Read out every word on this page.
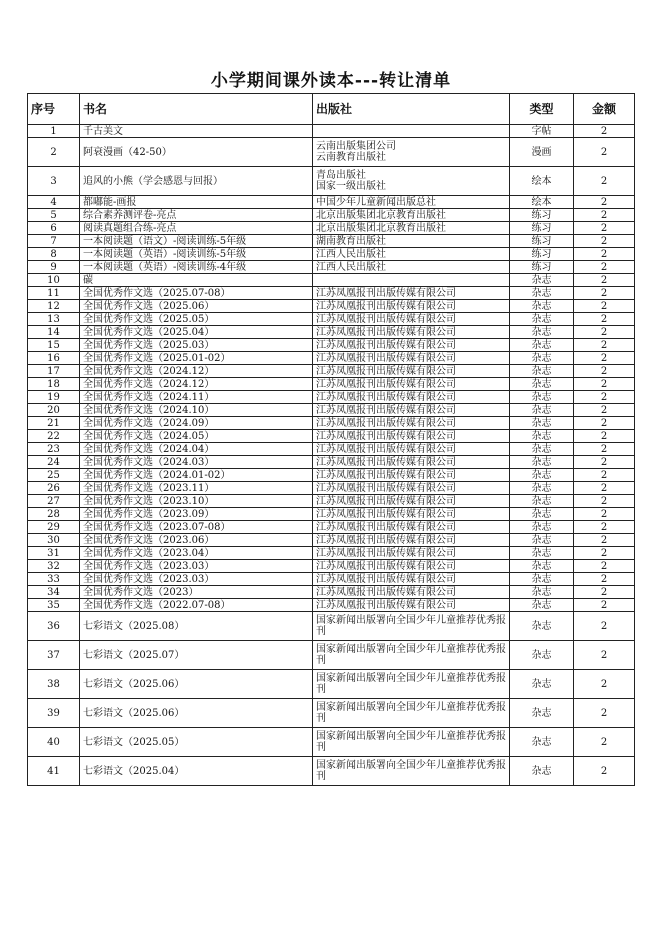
小学期间课外读本---转让清单
序号	书名	出版社	类型	金额
1	千古美文		字帖	2
2	阿衰漫画（42-50）	云南出版集团公司
云南教育出版社	漫画	2
3	追风的小熊（学会感恩与回报）	青岛出版社
国家一级出版社	绘本	2
4	都嘟能-画报	中国少年儿童新闻出版总社	绘本	2
5	综合素养测评卷-亮点	北京出版集团北京教育出版社	练习	2
6	阅读真题组合练-亮点	北京出版集团北京教育出版社	练习	2
7	一本阅读题（语文）-阅读训练-5年级	湖南教育出版社	练习	2
8	一本阅读题（英语）-阅读训练-5年级	江西人民出版社	练习	2
9	一本阅读题（英语）-阅读训练-4年级	江西人民出版社	练习	2
10	碳		杂志	2
11	全国优秀作文选（2025.07-08）	江苏凤凰报刊出版传媒有限公司	杂志	2
12	全国优秀作文选（2025.06）	江苏凤凰报刊出版传媒有限公司	杂志	2
13	全国优秀作文选（2025.05）	江苏凤凰报刊出版传媒有限公司	杂志	2
14	全国优秀作文选（2025.04）	江苏凤凰报刊出版传媒有限公司	杂志	2
15	全国优秀作文选（2025.03）	江苏凤凰报刊出版传媒有限公司	杂志	2
16	全国优秀作文选（2025.01-02）	江苏凤凰报刊出版传媒有限公司	杂志	2
17	全国优秀作文选（2024.12）	江苏凤凰报刊出版传媒有限公司	杂志	2
18	全国优秀作文选（2024.12）	江苏凤凰报刊出版传媒有限公司	杂志	2
19	全国优秀作文选（2024.11）	江苏凤凰报刊出版传媒有限公司	杂志	2
20	全国优秀作文选（2024.10）	江苏凤凰报刊出版传媒有限公司	杂志	2
21	全国优秀作文选（2024.09）	江苏凤凰报刊出版传媒有限公司	杂志	2
22	全国优秀作文选（2024.05）	江苏凤凰报刊出版传媒有限公司	杂志	2
23	全国优秀作文选（2024.04）	江苏凤凰报刊出版传媒有限公司	杂志	2
24	全国优秀作文选（2024.03）	江苏凤凰报刊出版传媒有限公司	杂志	2
25	全国优秀作文选（2024.01-02）	江苏凤凰报刊出版传媒有限公司	杂志	2
26	全国优秀作文选（2023.11）	江苏凤凰报刊出版传媒有限公司	杂志	2
27	全国优秀作文选（2023.10）	江苏凤凰报刊出版传媒有限公司	杂志	2
28	全国优秀作文选（2023.09）	江苏凤凰报刊出版传媒有限公司	杂志	2
29	全国优秀作文选（2023.07-08）	江苏凤凰报刊出版传媒有限公司	杂志	2
30	全国优秀作文选（2023.06）	江苏凤凰报刊出版传媒有限公司	杂志	2
31	全国优秀作文选（2023.04）	江苏凤凰报刊出版传媒有限公司	杂志	2
32	全国优秀作文选（2023.03）	江苏凤凰报刊出版传媒有限公司	杂志	2
33	全国优秀作文选（2023.03）	江苏凤凰报刊出版传媒有限公司	杂志	2
34	全国优秀作文选（2023）	江苏凤凰报刊出版传媒有限公司	杂志	2
35	全国优秀作文选（2022.07-08）	江苏凤凰报刊出版传媒有限公司	杂志	2
36	七彩语文（2025.08）	国家新闻出版署向全国少年儿童推荐优秀报刊	杂志	2
37	七彩语文（2025.07）	国家新闻出版署向全国少年儿童推荐优秀报刊	杂志	2
38	七彩语文（2025.06）	国家新闻出版署向全国少年儿童推荐优秀报刊	杂志	2
39	七彩语文（2025.06）	国家新闻出版署向全国少年儿童推荐优秀报刊	杂志	2
40	七彩语文（2025.05）	国家新闻出版署向全国少年儿童推荐优秀报刊	杂志	2
41	七彩语文（2025.04）	国家新闻出版署向全国少年儿童推荐优秀报刊	杂志	2
